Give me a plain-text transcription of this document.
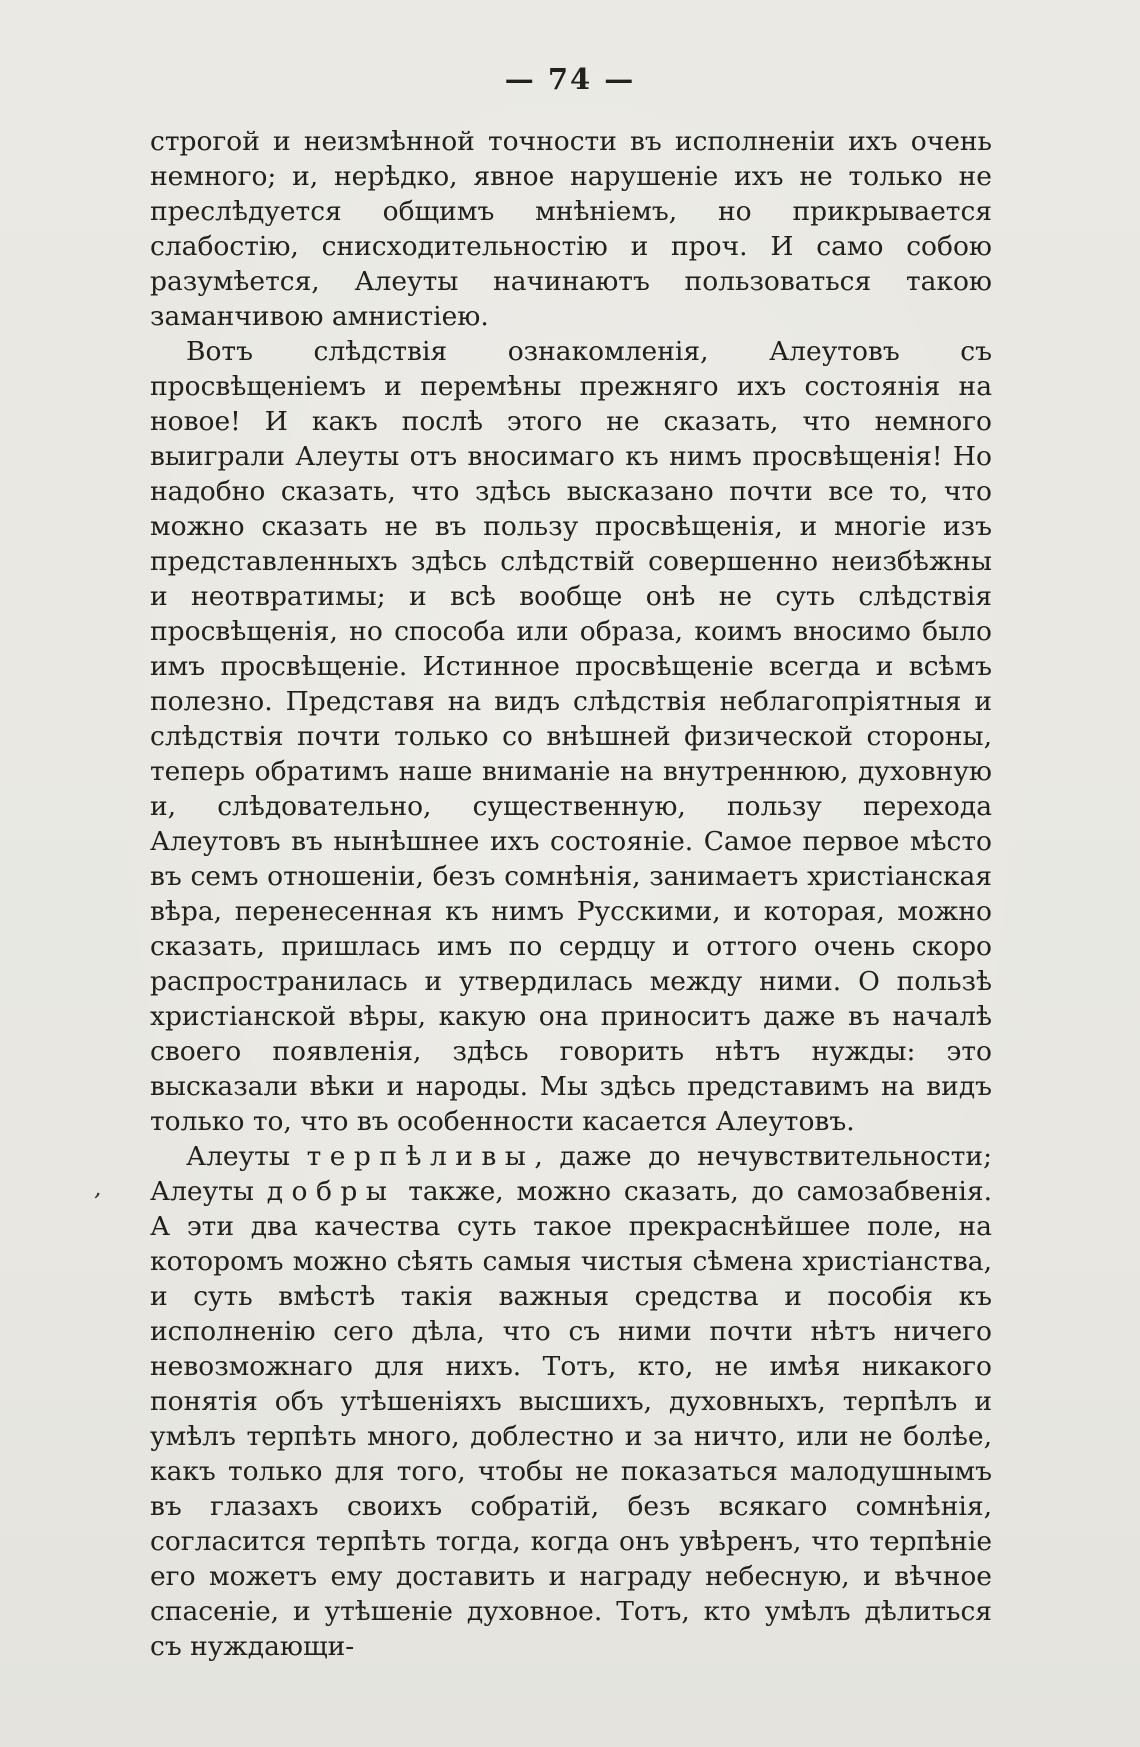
— 74 —
’

строгой и неизмѣнной точности въ исполненіи ихъ очень немного; и, нерѣдко, явное нарушеніе ихъ не только не преслѣдуется общимъ мнѣніемъ, но прикрывается слабостію, снисходительностію и проч. И само собою разумѣется, Алеуты начинаютъ пользоваться такою заманчивою амнистіею.

Вотъ слѣдствія ознакомленія, Алеутовъ съ просвѣщеніемъ и перемѣны прежняго ихъ состоянія на новое! И какъ послѣ этого не сказать, что немного выиграли Алеуты отъ вносимаго къ нимъ просвѣщенія! Но надобно сказать, что здѣсь высказано почти все то, что можно сказать не въ пользу просвѣщенія, и многіе изъ представленныхъ здѣсь слѣдствій совершенно неизбѣжны и неотвратимы; и всѣ вообще онѣ не суть слѣдствія просвѣщенія, но способа или образа, коимъ вносимо было имъ просвѣщеніе. Истинное просвѣщеніе всегда и всѣмъ полезно. Представя на видъ слѣдствія неблагопріятныя и слѣдствія почти только со внѣшней физической стороны, теперь обратимъ наше вниманіе на внутреннюю, духовную и, слѣдовательно, существенную, пользу перехода Алеутовъ въ нынѣшнее ихъ состояніе. Самое первое мѣсто въ семъ отношеніи, безъ сомнѣнія, занимаетъ христіанская вѣра, перенесенная къ нимъ Русскими, и которая, можно сказать, пришлась имъ по сердцу и оттого очень скоро распространилась и утвердилась между ними. О пользѣ христіанской вѣры, какую она приноситъ даже въ началѣ своего появленія, здѣсь говорить нѣтъ нужды: это высказали вѣки и народы. Мы здѣсь представимъ на видъ только то, что въ особенности касается Алеутовъ.

Алеуты терпѣливы, даже до нечувствительности; Алеуты добры также, можно сказать, до самозабвенія. А эти два качества суть такое прекраснѣйшее поле, на которомъ можно сѣять самыя чистыя сѣмена христіанства, и суть вмѣстѣ такія важныя средства и пособія къ исполненію сего дѣла, что съ ними почти нѣтъ ничего невозможнаго для нихъ. Тотъ, кто, не имѣя никакого понятія объ утѣшеніяхъ высшихъ, духовныхъ, терпѣлъ и умѣлъ терпѣть много, доблестно и за ничто, или не болѣе, какъ только для того, чтобы не показаться малодушнымъ въ глазахъ своихъ собратій, безъ всякаго сомнѣнія, согласится терпѣть тогда, когда онъ увѣренъ, что терпѣніе его можетъ ему доставить и награду небесную, и вѣчное спасеніе, и утѣшеніе духовное. Тотъ, кто умѣлъ дѣлиться съ нуждающи-
